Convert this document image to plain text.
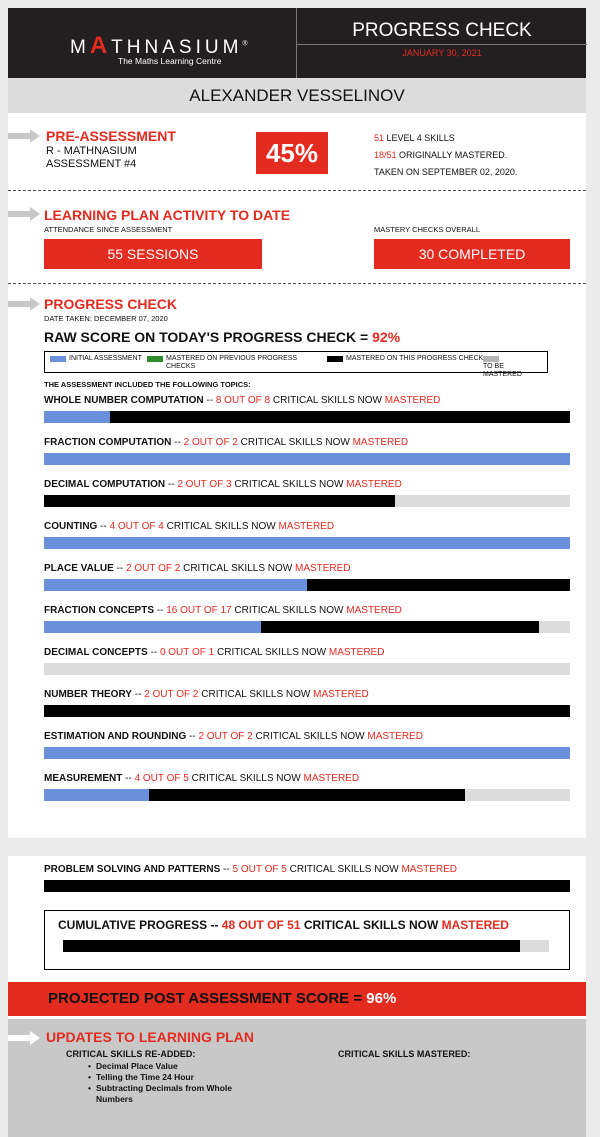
MATHNASIUM®
The Maths Learning Centre
PROGRESS CHECK
JANUARY 30, 2021
ALEXANDER VESSELINOV
PRE-ASSESSMENT
R - MATHNASIUM
ASSESSMENT #4	45%	51 LEVEL 4 SKILLS
18/51 ORIGINALLY MASTERED.
TAKEN ON SEPTEMBER 02, 2020.
LEARNING PLAN ACTIVITY TO DATE
ATTENDANCE SINCE ASSESSMENT	MASTERY CHECKS OVERALL
55 SESSIONS	30 COMPLETED
PROGRESS CHECK
DATE TAKEN: DECEMBER 07, 2020
RAW SCORE ON TODAY'S PROGRESS CHECK = 92%
INITIAL ASSESSMENT	MASTERED ON PREVIOUS PROGRESS CHECKS
MASTERED ON THIS PROGRESS CHECK
TO BE MASTERED
THE ASSESSMENT INCLUDED THE FOLLOWING TOPICS:
WHOLE NUMBER COMPUTATION -- 8 OUT OF 8 CRITICAL SKILLS NOW MASTERED
FRACTION COMPUTATION -- 2 OUT OF 2 CRITICAL SKILLS NOW MASTERED
DECIMAL COMPUTATION -- 2 OUT OF 3 CRITICAL SKILLS NOW MASTERED
COUNTING -- 4 OUT OF 4 CRITICAL SKILLS NOW MASTERED
PLACE VALUE -- 2 OUT OF 2 CRITICAL SKILLS NOW MASTERED
FRACTION CONCEPTS -- 16 OUT OF 17 CRITICAL SKILLS NOW MASTERED
DECIMAL CONCEPTS -- 0 OUT OF 1 CRITICAL SKILLS NOW MASTERED
NUMBER THEORY -- 2 OUT OF 2 CRITICAL SKILLS NOW MASTERED
ESTIMATION AND ROUNDING -- 2 OUT OF 2 CRITICAL SKILLS NOW MASTERED
MEASUREMENT -- 4 OUT OF 5 CRITICAL SKILLS NOW MASTERED
PROBLEM SOLVING AND PATTERNS -- 5 OUT OF 5 CRITICAL SKILLS NOW MASTERED
CUMULATIVE PROGRESS -- 48 OUT OF 51 CRITICAL SKILLS NOW MASTERED
PROJECTED POST ASSESSMENT SCORE = 96%
UPDATES TO LEARNING PLAN
CRITICAL SKILLS RE-ADDED:	CRITICAL SKILLS MASTERED:
• Decimal Place Value
• Telling the Time 24 Hour
• Subtracting Decimals from Whole Numbers
